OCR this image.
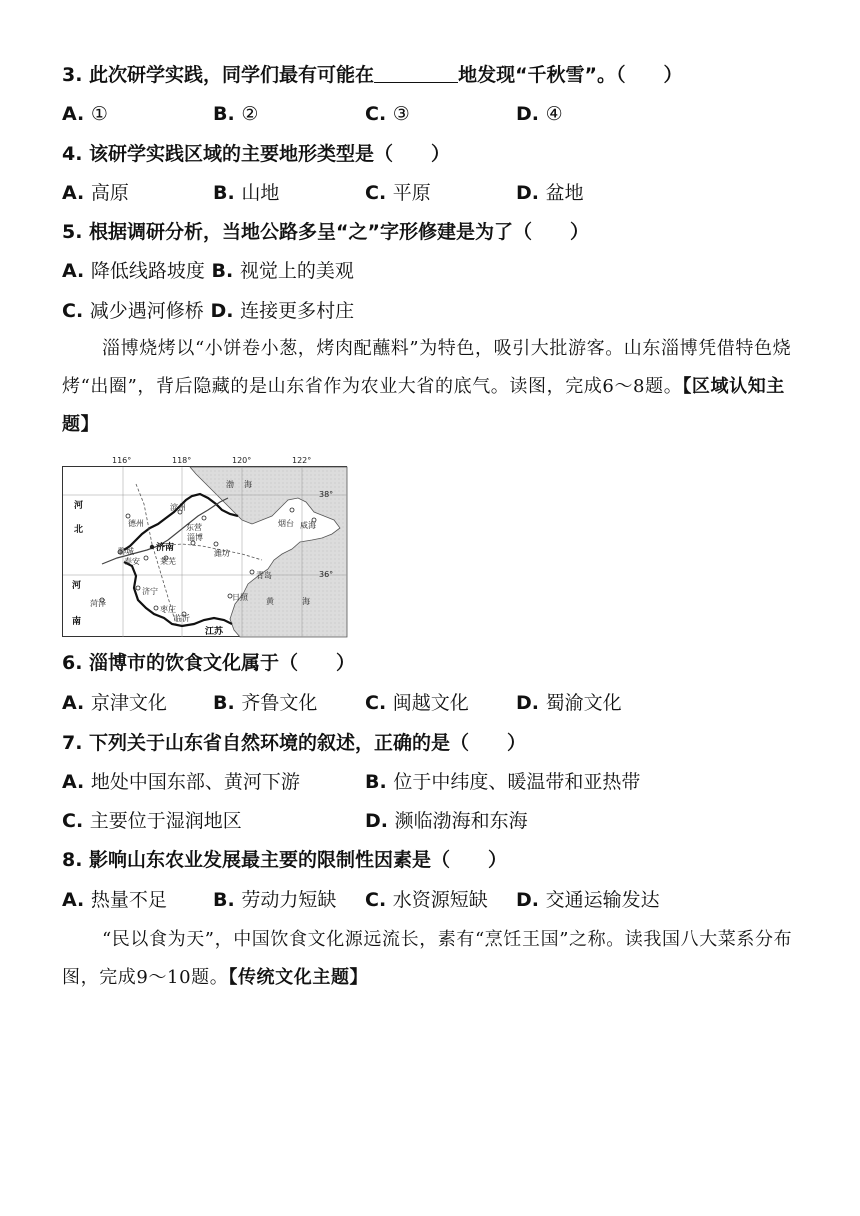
3. 此次研学实践，同学们最有可能在	地发现“千秋雪”。（　　）
A. ①	B. ②	C. ③	D. ④
4. 该研学实践区域的主要地形类型是（　　）
A. 高原	B. 山地	C. 平原	D. 盆地
5. 根据调研分析，当地公路多呈“之”字形修建是为了（　　）
A. 降低线路坡度 B. 视觉上的美观
C. 减少遇河修桥 D. 连接更多村庄
淄博烧烤以“小饼卷小葱，烤肉配蘸料”为特色，吸引大批游客。山东淄博凭借特色烧烤“出圈”，背后隐藏的是山东省作为农业大省的底气。读图，完成6～8题。【区域认知主题】
116°	118°	120°	122°
38°
36°
渤 海
黄	海
河
北
河
南
江苏
滨州
德州	东营
济南
淄博
潍坊
聊城
泰安	莱芜
烟台 威海
青岛
济宁
菏泽
枣庄
临沂
日照
6. 淄博市的饮食文化属于（　　）
A. 京津文化 B. 齐鲁文化	C. 闽越文化 D. 蜀渝文化
7. 下列关于山东省自然环境的叙述，正确的是（　　）
A. 地处中国东部、黄河下游	B. 位于中纬度、暖温带和亚热带
C. 主要位于湿润地区	D. 濒临渤海和东海
8. 影响山东农业发展最主要的限制性因素是（　　）
A. 热量不足 B. 劳动力短缺 C. 水资源短缺 D. 交通运输发达
“民以食为天”，中国饮食文化源远流长，素有“烹饪王国”之称。读我国八大菜系分布图，完成9～10题。【传统文化主题】
